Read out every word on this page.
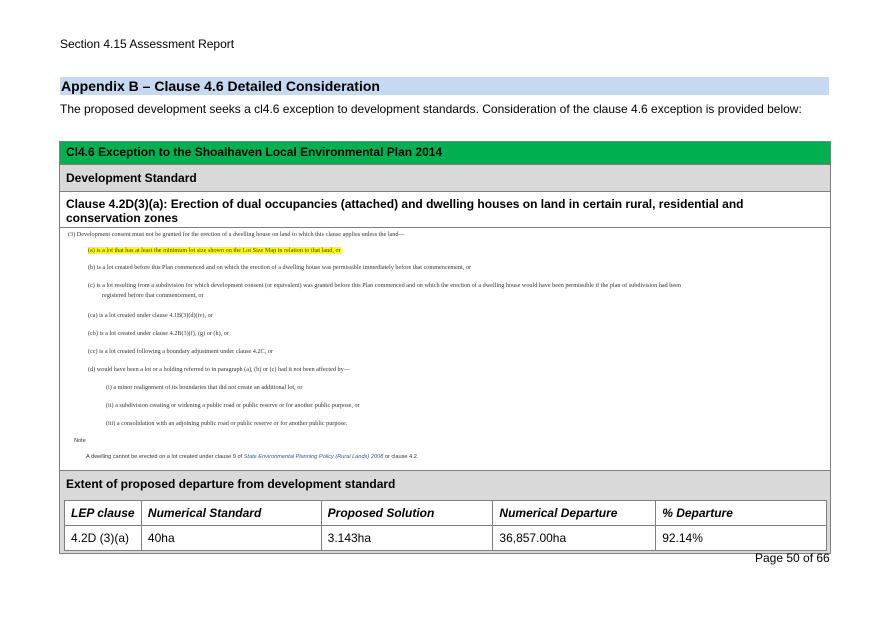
Section 4.15 Assessment Report
Appendix B – Clause 4.6 Detailed Consideration
The proposed development seeks a cl4.6 exception to development standards. Consideration of the clause 4.6 exception is provided below:
Cl4.6 Exception to the Shoalhaven Local Environmental Plan 2014
Development Standard
Clause 4.2D(3)(a): Erection of dual occupancies (attached) and dwelling houses on land in certain rural, residential and conservation zones
(3) Development consent must not be granted for the erection of a dwelling house on land to which this clause applies unless the land—
(a) is a lot that has at least the minimum lot size shown on the Lot Size Map in relation to that land, or
(b) is a lot created before this Plan commenced and on which the erection of a dwelling house was permissible immediately before that commencement, or
(c) is a lot resulting from a subdivision for which development consent (or equivalent) was granted before this Plan commenced and on which the erection of a dwelling house would have been permissible if the plan of subdivision had been
registered before that commencement, or
(ca) is a lot created under clause 4.1B(3)(d)(iv), or
(cb) is a lot created under clause 4.2B(3)(f), (g) or (h), or
(cc) is a lot created following a boundary adjustment under clause 4.2C, or
(d) would have been a lot or a holding referred to in paragraph (a), (b) or (c) had it not been affected by—
(i) a minor realignment of its boundaries that did not create an additional lot, or
(ii) a subdivision creating or widening a public road or public reserve or for another public purpose, or
(iii) a consolidation with an adjoining public road or public reserve or for another public purpose.
Note
A dwelling cannot be erected on a lot created under clause 9 of State Environmental Planning Policy (Rural Lands) 2008 or clause 4.2.
Extent of proposed departure from development standard
LEP clause	Numerical Standard	Proposed Solution	Numerical Departure	% Departure
4.2D (3)(a)	40ha	3.143ha	36,857.00ha	92.14%
Page 50 of 66
